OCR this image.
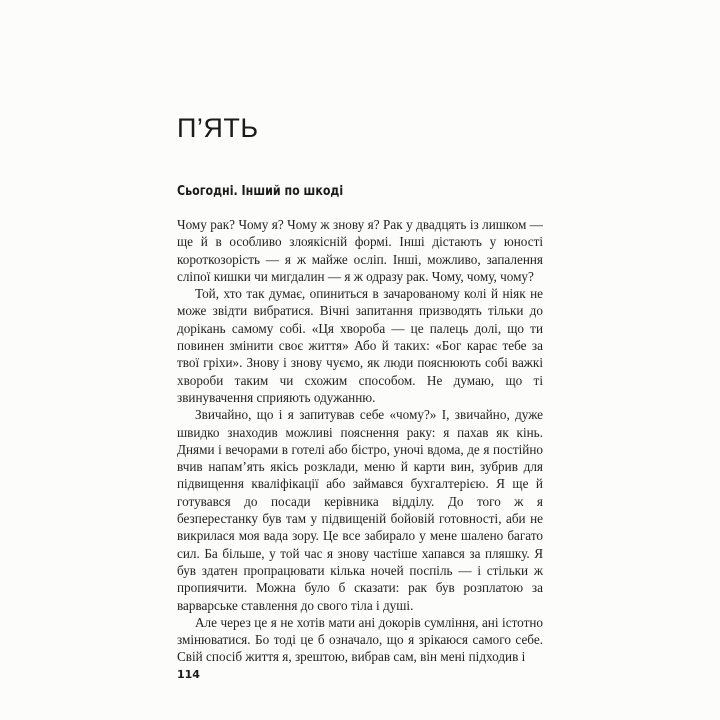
П’ЯТЬ
Сьогодні. Інший по шкоді

Чому рак? Чому я? Чому ж знову я? Рак у двадцять із лишком — ще й в особливо злоякісній формі. Інші дістають у юності короткозорість — я ж майже осліп. Інші, можливо, запалення сліпої кишки чи мигдалин — я ж одразу рак. Чому, чому, чому?

Той, хто так думає, опиниться в зачарованому колі й ніяк не може звідти вибратися. Вічні запитання призводять тільки до дорікань самому собі. «Ця хвороба — це палець долі, що ти повинен змінити своє життя» Або й таких: «Бог карає тебе за твої гріхи». Знову і знову чуємо, як люди пояснюють собі важкі хвороби таким чи схожим способом. Не думаю, що ті звинувачення сприяють одужанню.

Звичайно, що і я запитував себе «чому?» І, звичайно, дуже швидко знаходив можливі пояснення раку: я пахав як кінь. Днями і вечорами в готелі або бістро, уночі вдома, де я постійно вчив напам’ять якісь розклади, меню й карти вин, зубрив для підвищення кваліфікації або займався бухгалтерією. Я ще й готувався до посади керівника відділу. До того ж я безперестанку був там у підвищеній бойовій готовності, аби не викрилася моя вада зору. Це все забирало у мене шалено багато сил. Ба більше, у той час я знову частіше хапався за пляшку. Я був здатен пропрацювати кілька ночей поспіль — і стільки ж пропиячити. Можна було б сказати: рак був розплатою за варварське ставлення до свого тіла і душі.

Але через це я не хотів мати ані докорів сумління, ані істотно змінюватися. Бо тоді це б означало, що я зрікаюся самого себе. Свій спосіб життя я, зрештою, вибрав сам, він мені підходив і

114
